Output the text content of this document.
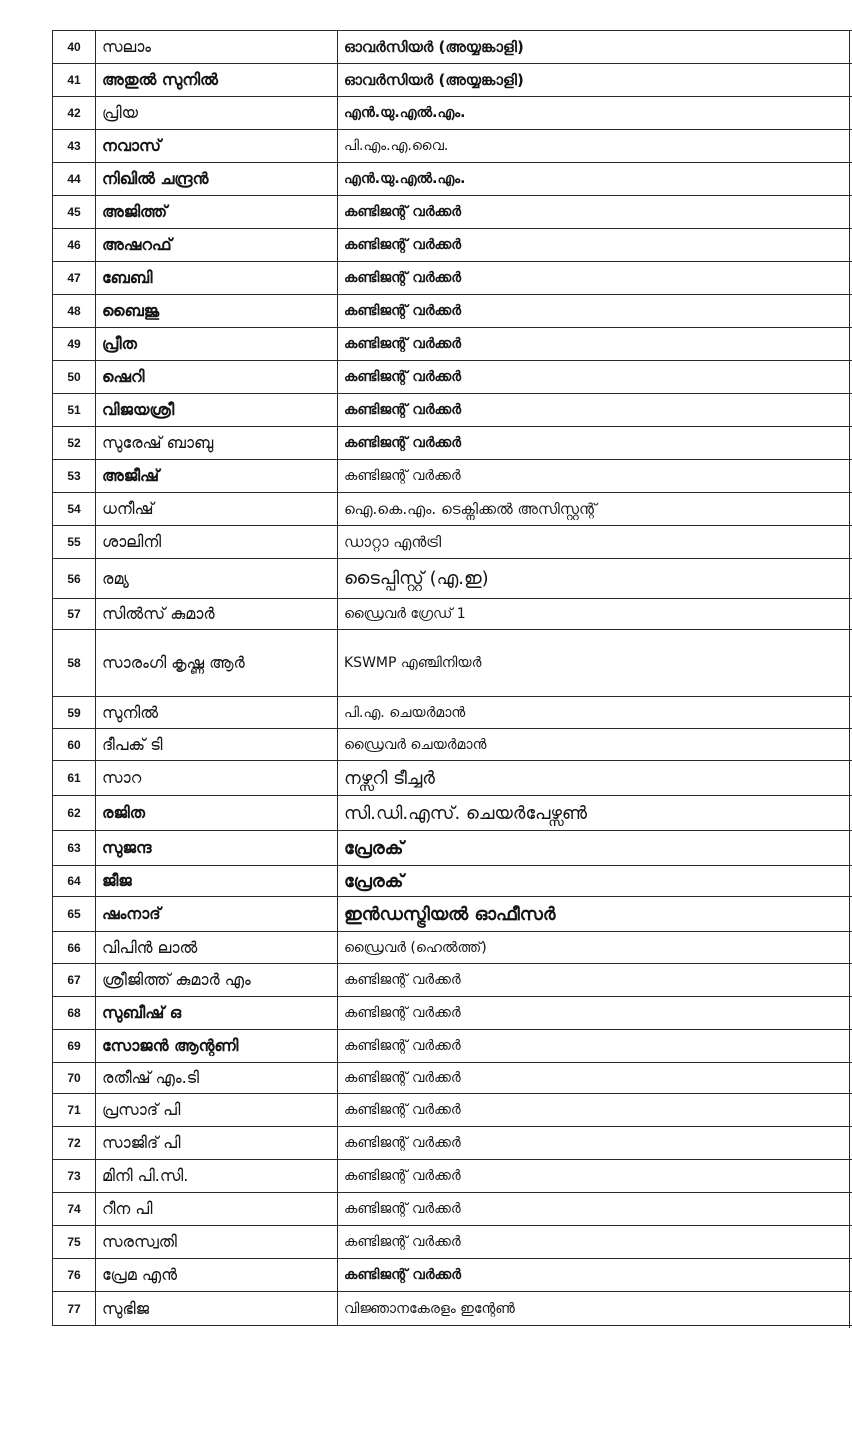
40	സലാം	ഓവർസിയർ (അയ്യങ്കാളി)
41	അതുൽ സുനിൽ	ഓവർസിയർ (അയ്യങ്കാളി)
42	പ്രിയ	എൻ.യു.എൽ.എം.
43	നവാസ്	പി.എം.എ.വൈ.
44	നിഖിൽ ചന്ദ്രൻ	എൻ.യു.എൽ.എം.
45	അജിത്ത്	കണ്ടിജന്റ് വർക്കർ
46	അഷറഫ്	കണ്ടിജന്റ് വർക്കർ
47	ബേബി	കണ്ടിജന്റ് വർക്കർ
48	ബൈജു	കണ്ടിജന്റ് വർക്കർ
49	പ്രീത	കണ്ടിജന്റ് വർക്കർ
50	ഷെറി	കണ്ടിജന്റ് വർക്കർ
51	വിജയശ്രീ	കണ്ടിജന്റ് വർക്കർ
52	സുരേഷ് ബാബു	കണ്ടിജന്റ് വർക്കർ
53	അജീഷ്	കണ്ടിജന്റ് വർക്കർ
54	ധനീഷ്	ഐ.കെ.എം. ടെക്നിക്കൽ അസിസ്റ്റന്റ്
55	ശാലിനി	ഡാറ്റാ എൻട്രി
56	രമ്യ	ടൈപ്പിസ്റ്റ് (എ.ഇ)
57	സിൽസ് കുമാർ	ഡ്രൈവർ ഗ്രേഡ് 1
58	സാരംഗി കൃഷ്ണ ആർ	KSWMP എഞ്ചിനിയർ
59	സുനിൽ	പി.എ. ചെയർമാൻ
60	ദീപക് ടി	ഡ്രൈവർ ചെയർമാൻ
61	സാറ	നഴ്സറി ടീച്ചർ
62	രജിത	സി.ഡി.എസ്. ചെയർപേഴ്സൺ
63	സുജന്ദ	പ്രേരക്
64	ജീജ	പ്രേരക്
65	ഷംനാദ്	ഇൻഡസ്ട്രിയൽ ഓഫീസർ
66	വിപിൻ ലാൽ	ഡ്രൈവർ (ഹെൽത്ത്)
67	ശ്രീജിത്ത് കുമാർ എം	കണ്ടിജന്റ് വർക്കർ
68	സുബീഷ് ഒ	കണ്ടിജന്റ് വർക്കർ
69	സോജൻ ആന്റണി	കണ്ടിജന്റ് വർക്കർ
70	രതീഷ് എം.ടി	കണ്ടിജന്റ് വർക്കർ
71	പ്രസാദ് പി	കണ്ടിജന്റ് വർക്കർ
72	സാജിദ് പി	കണ്ടിജന്റ് വർക്കർ
73	മിനി പി.സി.	കണ്ടിജന്റ് വർക്കർ
74	റീന പി	കണ്ടിജന്റ് വർക്കർ
75	സരസ്വതി	കണ്ടിജന്റ് വർക്കർ
76	പ്രേമ എൻ	കണ്ടിജന്റ് വർക്കർ
77	സുഭിജ	വിജ്ഞാനകേരളം ഇന്റേൺ
